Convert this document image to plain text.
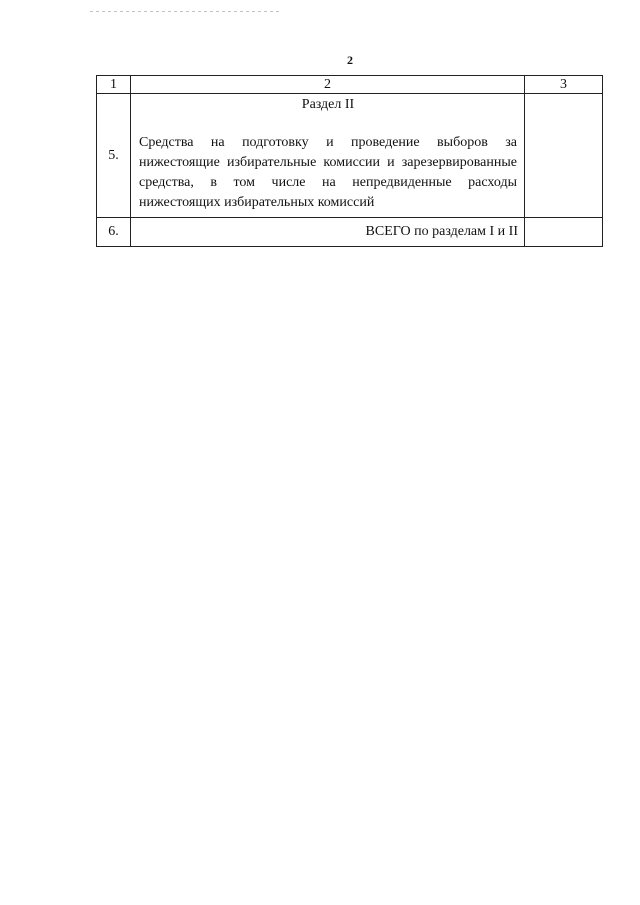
2
1	2	3
5.	Раздел II
Средства на подготовку и проведение выборов за нижестоящие избирательные комиссии и зарезервированные средства, в том числе на непредвиденные расходы нижестоящих избирательных комиссий	

6.	ВСЕГО по разделам I и II	
